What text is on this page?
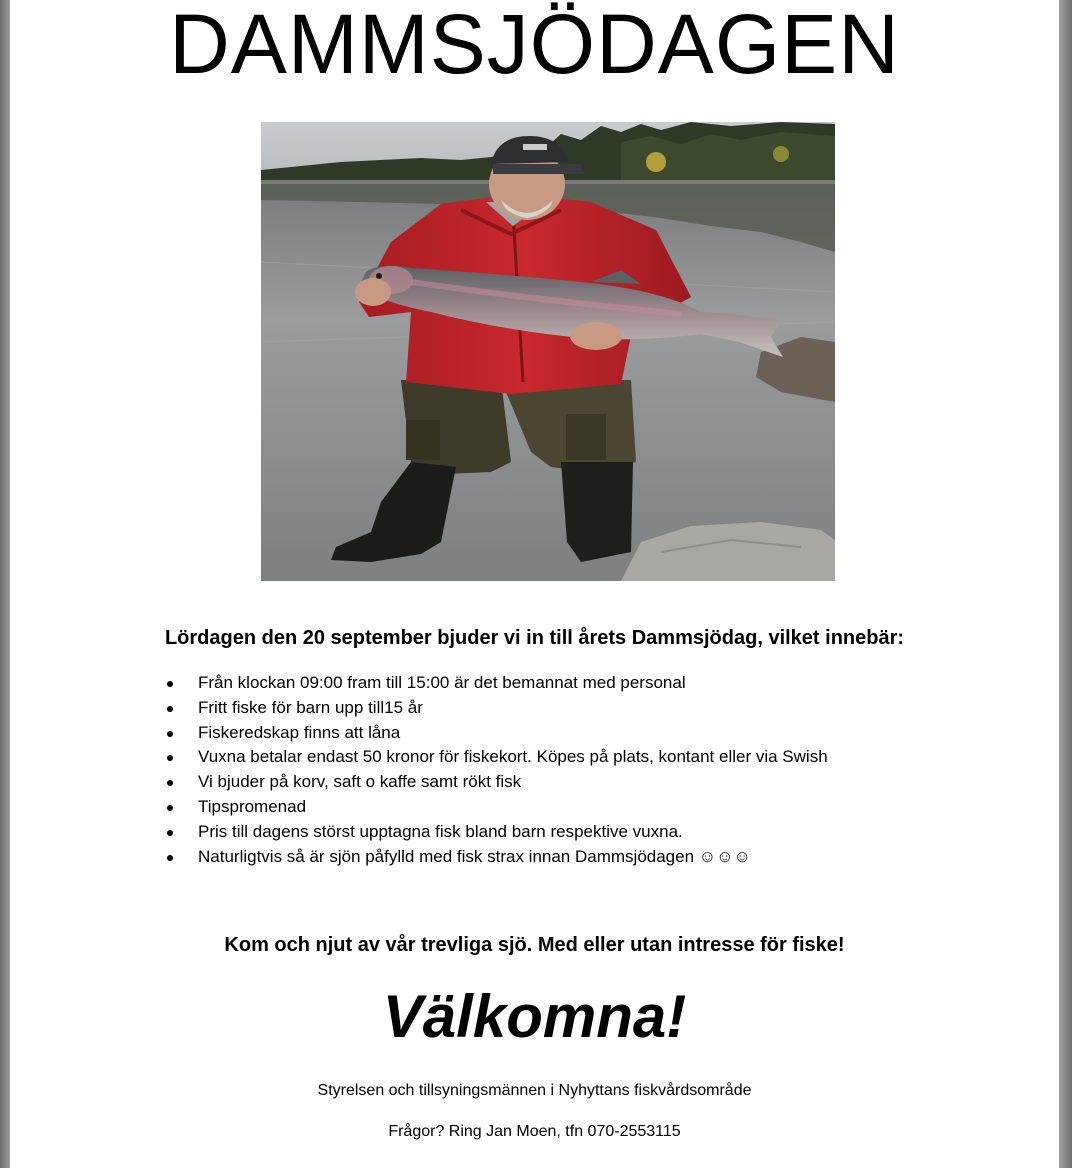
DAMMSJÖDAGEN

Lördagen den 20 september bjuder vi in till årets Dammsjödag, vilket innebär:

Från klockan 09:00 fram till 15:00 är det bemannat med personal
Fritt fiske för barn upp till15 år
Fiskeredskap finns att låna
Vuxna betalar endast 50 kronor för fiskekort. Köpes på plats, kontant eller via Swish
Vi bjuder på korv, saft o kaffe samt rökt fisk
Tipspromenad
Pris till dagens störst upptagna fisk bland barn respektive vuxna.
Naturligtvis så är sjön påfylld med fisk strax innan Dammsjödagen ☺☺☺

Kom och njut av vår trevliga sjö. Med eller utan intresse för fiske!

Välkomna!

Styrelsen och tillsyningsmännen i Nyhyttans fiskvårdsområde

Frågor? Ring Jan Moen, tfn 070-2553115
